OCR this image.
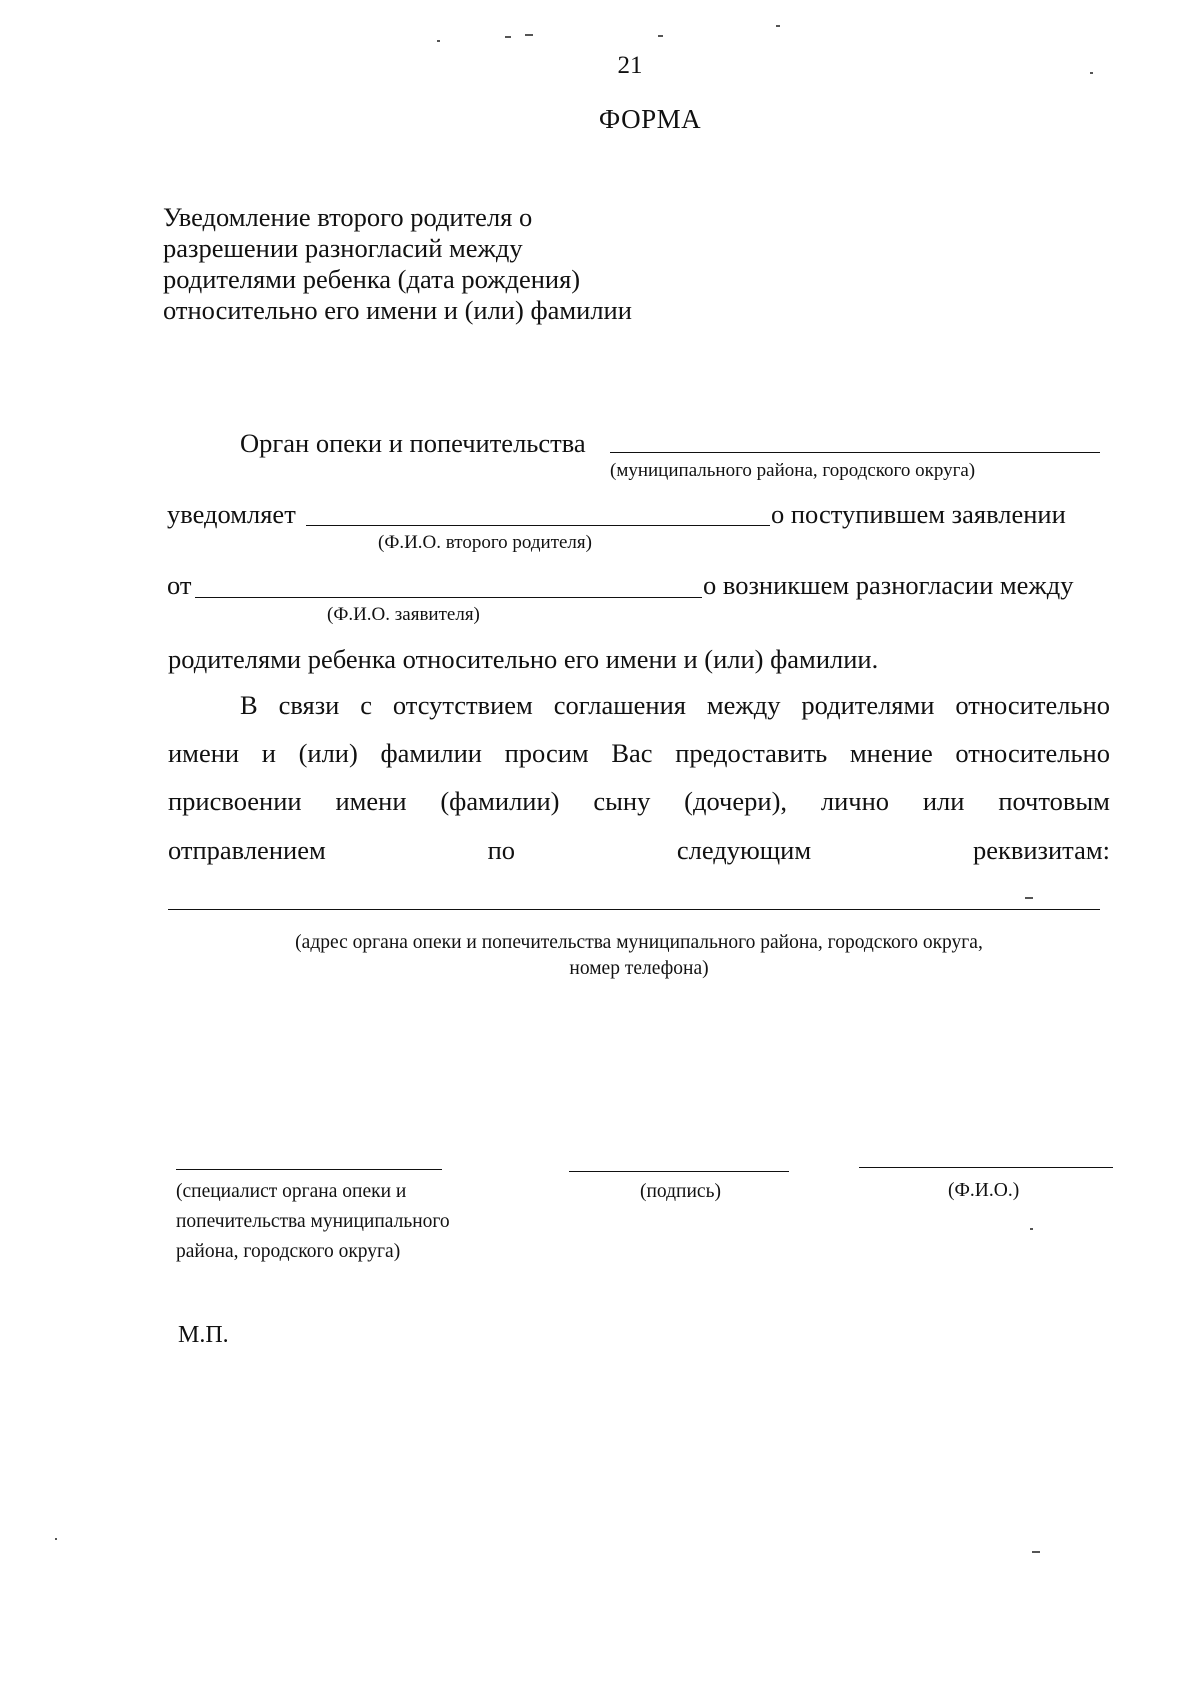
21
ФОРМА
Уведомление второго родителя о
разрешении разногласий между
родителями ребенка (дата рождения)
относительно его имени и (или) фамилии
Орган опеки и попечительства
(муниципального района, городского округа)
уведомляет	о поступившем заявлении
(Ф.И.О. второго родителя)
от	о возникшем разногласии между
(Ф.И.О. заявителя)
родителями ребенка относительно его имени и (или) фамилии.
В связи с отсутствием соглашения между родителями относительно
имени и (или) фамилии просим Вас предоставить мнение относительно
присвоении имени (фамилии) сыну (дочери), лично или почтовым
отправлением	по	следующим	реквизитам:
(адрес органа опеки и попечительства муниципального района, городского округа,
номер телефона)
(специалист органа опеки и
попечительства муниципального
района, городского округа)
(подпись)	(Ф.И.О.)
М.П.
